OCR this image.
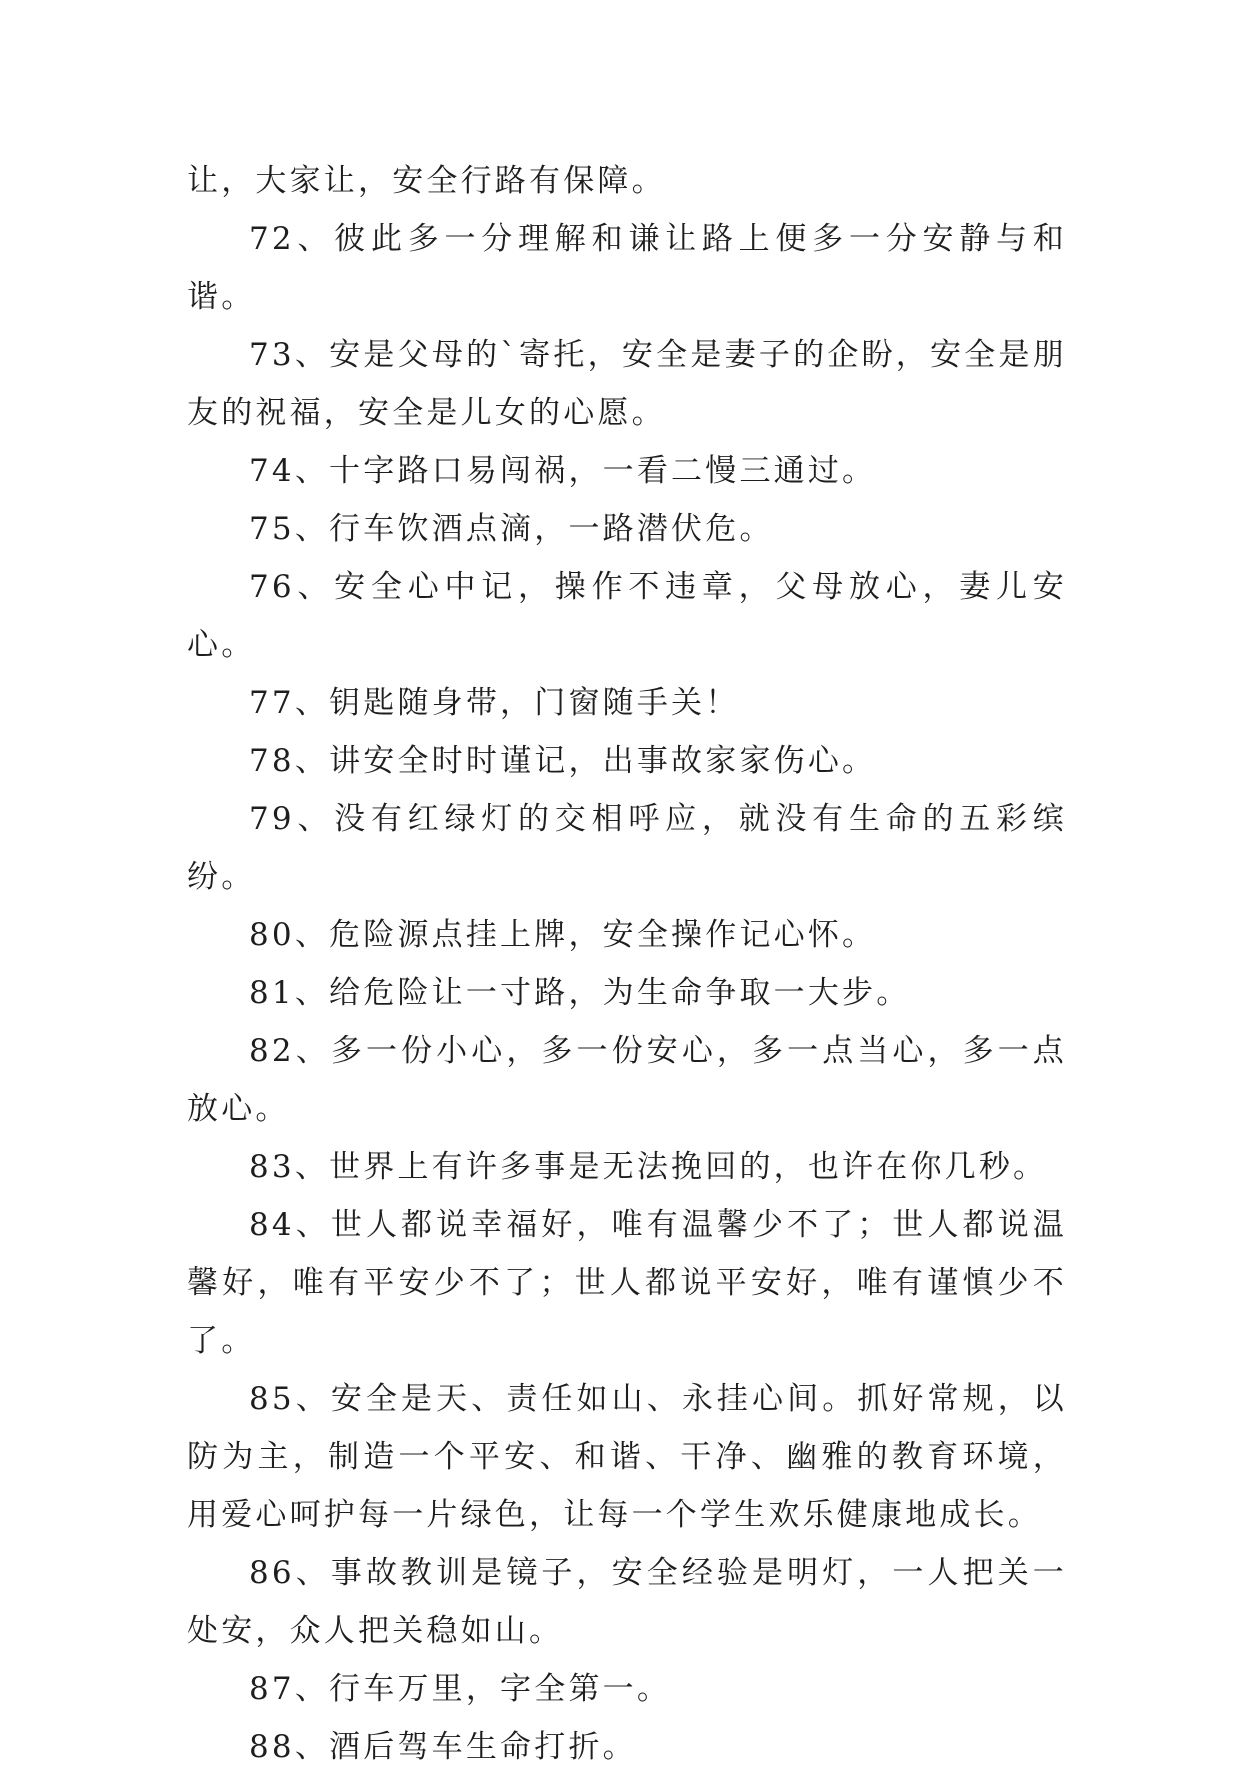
让，大家让，安全行路有保障。

72、彼此多一分理解和谦让路上便多一分安静与和谐。

73、安是父母的`寄托，安全是妻子的企盼，安全是朋友的祝福，安全是儿女的心愿。

74、十字路口易闯祸，一看二慢三通过。

75、行车饮酒点滴，一路潜伏危。

76、安全心中记，操作不违章，父母放心，妻儿安心。

77、钥匙随身带，门窗随手关！

78、讲安全时时谨记，出事故家家伤心。

79、没有红绿灯的交相呼应，就没有生命的五彩缤纷。

80、危险源点挂上牌，安全操作记心怀。

81、给危险让一寸路，为生命争取一大步。

82、多一份小心，多一份安心，多一点当心，多一点放心。

83、世界上有许多事是无法挽回的，也许在你几秒。

84、世人都说幸福好，唯有温馨少不了；世人都说温馨好，唯有平安少不了；世人都说平安好，唯有谨慎少不了。

85、安全是天、责任如山、永挂心间。抓好常规，以防为主，制造一个平安、和谐、干净、幽雅的教育环境，用爱心呵护每一片绿色，让每一个学生欢乐健康地成长。

86、事故教训是镜子，安全经验是明灯，一人把关一处安，众人把关稳如山。

87、行车万里，字全第一。

88、酒后驾车生命打折。
